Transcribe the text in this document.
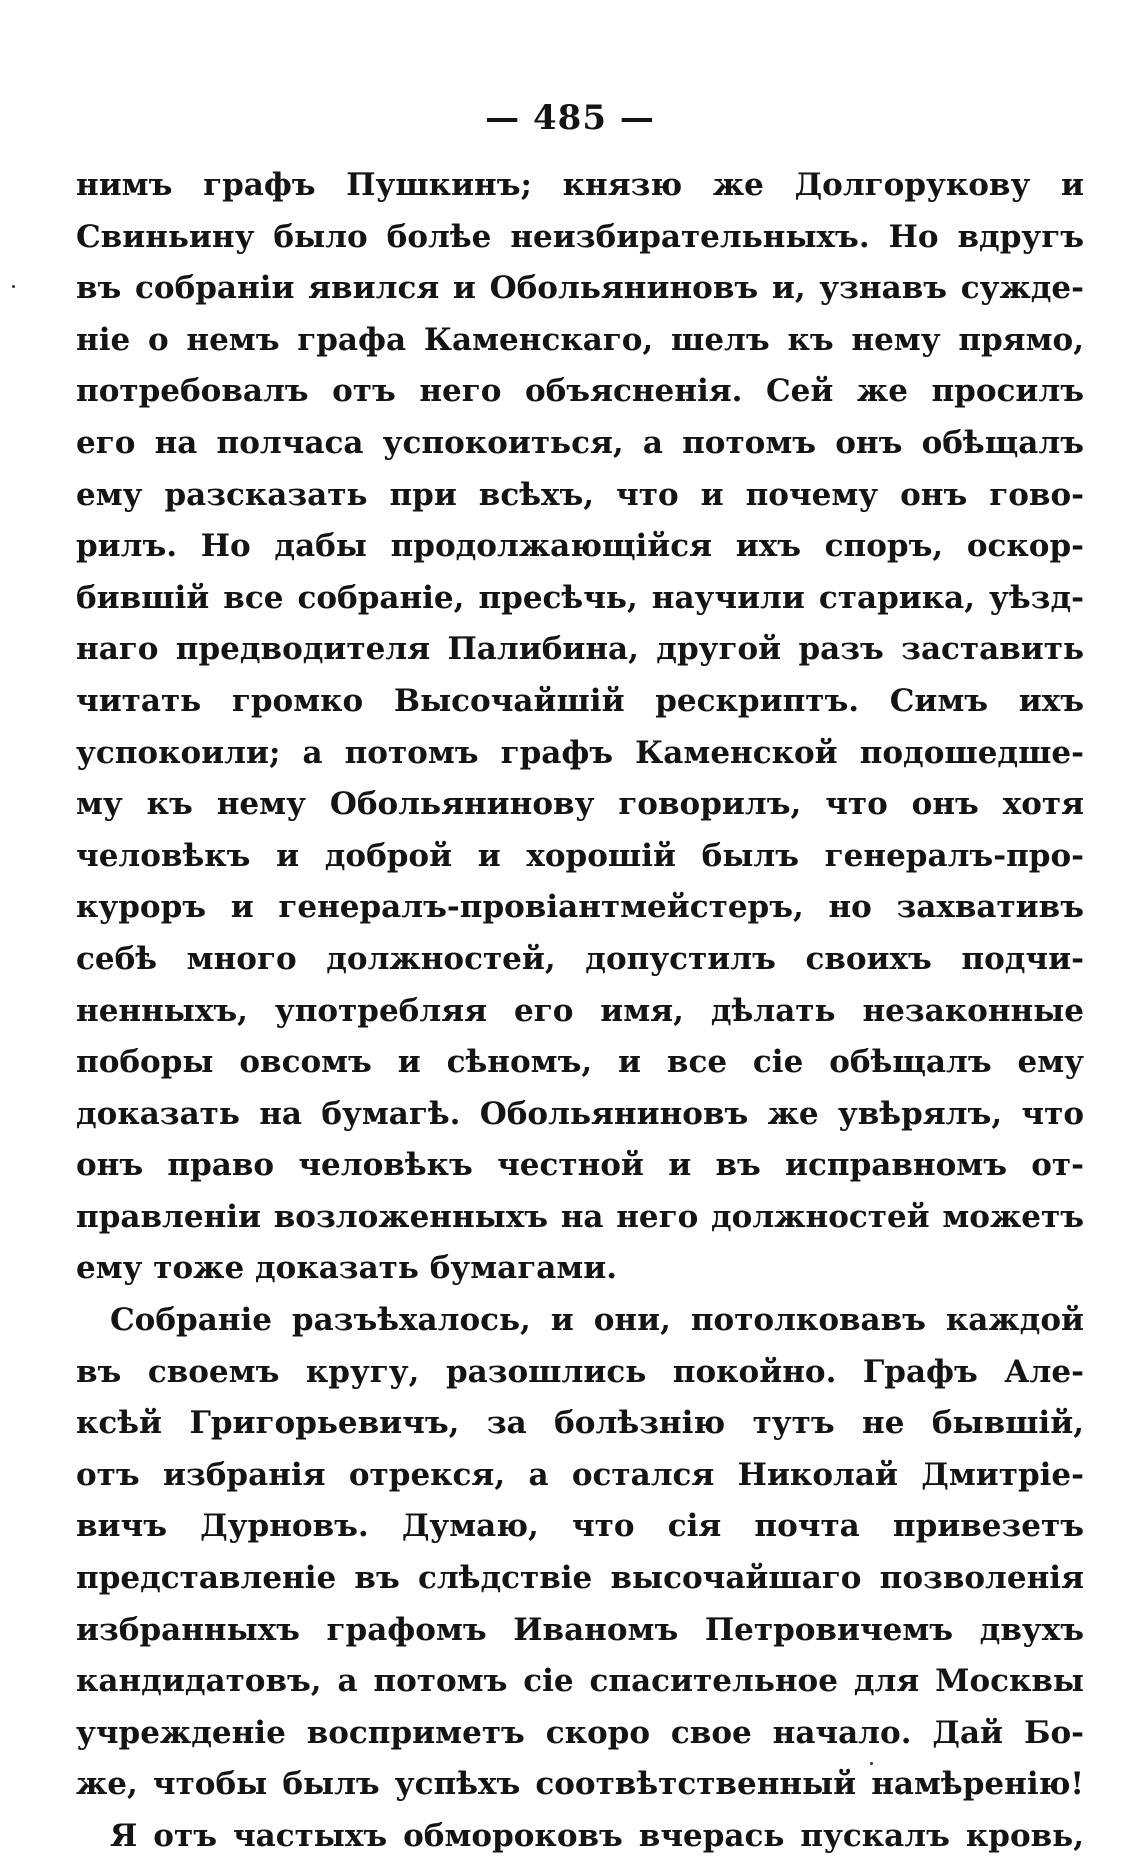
— 485 —
нимъ графъ Пушкинъ; князю же Долгорукову и
Свиньину было болѣе неизбирательныхъ. Но вдругъ
въ собраніи явился и Обольяниновъ и, узнавъ сужде-
ніе о немъ графа Каменскаго, шелъ къ нему прямо,
потребовалъ отъ него объясненія. Сей же просилъ
его на полчаса успокоиться, а потомъ онъ обѣщалъ
ему разсказать при всѣхъ, что и почему онъ гово-
рилъ. Но дабы продолжающійся ихъ споръ, оскор-
бившій все собраніе, пресѣчь, научили старика, уѣзд-
наго предводителя Палибина, другой разъ заставить
читать громко Высочайшій рескриптъ. Симъ ихъ
успокоили; а потомъ графъ Каменской подошедше-
му къ нему Обольянинову говорилъ, что онъ хотя
человѣкъ и доброй и хорошій былъ генералъ-про-
куроръ и генералъ-провіантмейстеръ, но захвативъ
себѣ много должностей, допустилъ своихъ подчи-
ненныхъ, употребляя его имя, дѣлать незаконные
поборы овсомъ и сѣномъ, и все сіе обѣщалъ ему
доказать на бумагѣ. Обольяниновъ же увѣрялъ, что
онъ право человѣкъ честной и въ исправномъ от-
правленіи возложенныхъ на него должностей можетъ
ему тоже доказать бумагами.
Собраніе разъѣхалось, и они, потолковавъ каждой
въ своемъ кругу, разошлись покойно. Графъ Але-
ксѣй Григорьевичъ, за болѣзнію тутъ не бывшій,
отъ избранія отрекся, а остался Николай Дмитріе-
вичъ Дурновъ. Думаю, что сія почта привезетъ
представленіе въ слѣдствіе высочайшаго позволенія
избранныхъ графомъ Иваномъ Петровичемъ двухъ
кандидатовъ, а потомъ сіе спасительное для Москвы
учрежденіе восприметъ скоро свое начало. Дай Бо-
же, чтобы былъ успѣхъ соотвѣтственный намѣренію!
Я отъ частыхъ обмороковъ вчерась пускалъ кровь,
